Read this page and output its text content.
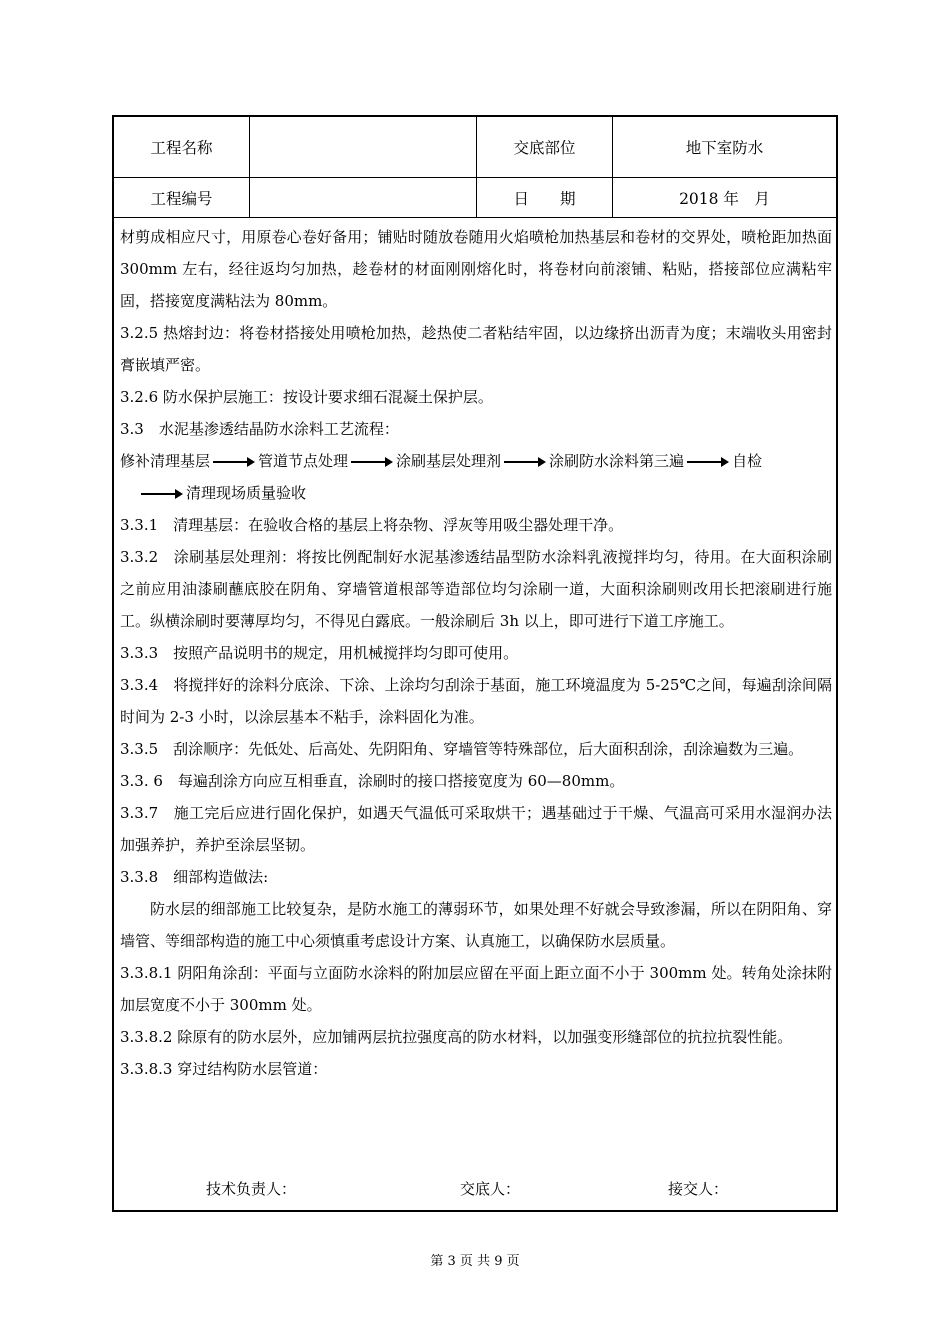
工程名称		交底部位	地下室防水
工程编号		日　　期	2018 年　月

材剪成相应尺寸，用原卷心卷好备用；铺贴时随放卷随用火焰喷枪加热基层和卷材的交界处，喷枪距加热面 300mm 左右，经往返均匀加热，趁卷材的材面刚刚熔化时，将卷材向前滚铺、粘贴，搭接部位应满粘牢固，搭接宽度满粘法为 80mm。

3.2.5 热熔封边：将卷材搭接处用喷枪加热，趁热使二者粘结牢固，以边缘挤出沥青为度；末端收头用密封膏嵌填严密。

3.2.6 防水保护层施工：按设计要求细石混凝土保护层。

3.3　水泥基渗透结晶防水涂料工艺流程：

修补清理基层	管道节点处理	涂刷基层处理剂	涂刷防水涂料第三遍	自检

清理现场质量验收

3.3.1　清理基层：在验收合格的基层上将杂物、浮灰等用吸尘器处理干净。

3.3.2　涂刷基层处理剂：将按比例配制好水泥基渗透结晶型防水涂料乳液搅拌均匀，待用。在大面积涂刷之前应用油漆刷蘸底胶在阴角、穿墙管道根部等造部位均匀涂刷一道，大面积涂刷则改用长把滚刷进行施工。纵横涂刷时要薄厚均匀，不得见白露底。一般涂刷后 3h 以上，即可进行下道工序施工。

3.3.3　按照产品说明书的规定，用机械搅拌均匀即可使用。

3.3.4　将搅拌好的涂料分底涂、下涂、上涂均匀刮涂于基面，施工环境温度为 5-25℃之间，每遍刮涂间隔时间为 2-3 小时，以涂层基本不粘手，涂料固化为准。

3.3.5　刮涂顺序：先低处、后高处、先阴阳角、穿墙管等特殊部位，后大面积刮涂，刮涂遍数为三遍。

3.3. 6　每遍刮涂方向应互相垂直，涂刷时的接口搭接宽度为 60—80mm。

3.3.7　施工完后应进行固化保护，如遇天气温低可采取烘干；遇基础过于干燥、气温高可采用水湿润办法加强养护，养护至涂层坚韧。

3.3.8　细部构造做法:

防水层的细部施工比较复杂，是防水施工的薄弱环节，如果处理不好就会导致渗漏，所以在阴阳角、穿墙管、等细部构造的施工中心须慎重考虑设计方案、认真施工，以确保防水层质量。

3.3.8.1 阴阳角涂刮：平面与立面防水涂料的附加层应留在平面上距立面不小于 300mm 处。转角处涂抹附加层宽度不小于 300mm 处。

3.3.8.2 除原有的防水层外，应加铺两层抗拉强度高的防水材料，以加强变形缝部位的抗拉抗裂性能。

3.3.8.3 穿过结构防水层管道：

技术负责人：	交底人：	接交人：
第 3 页 共 9 页
